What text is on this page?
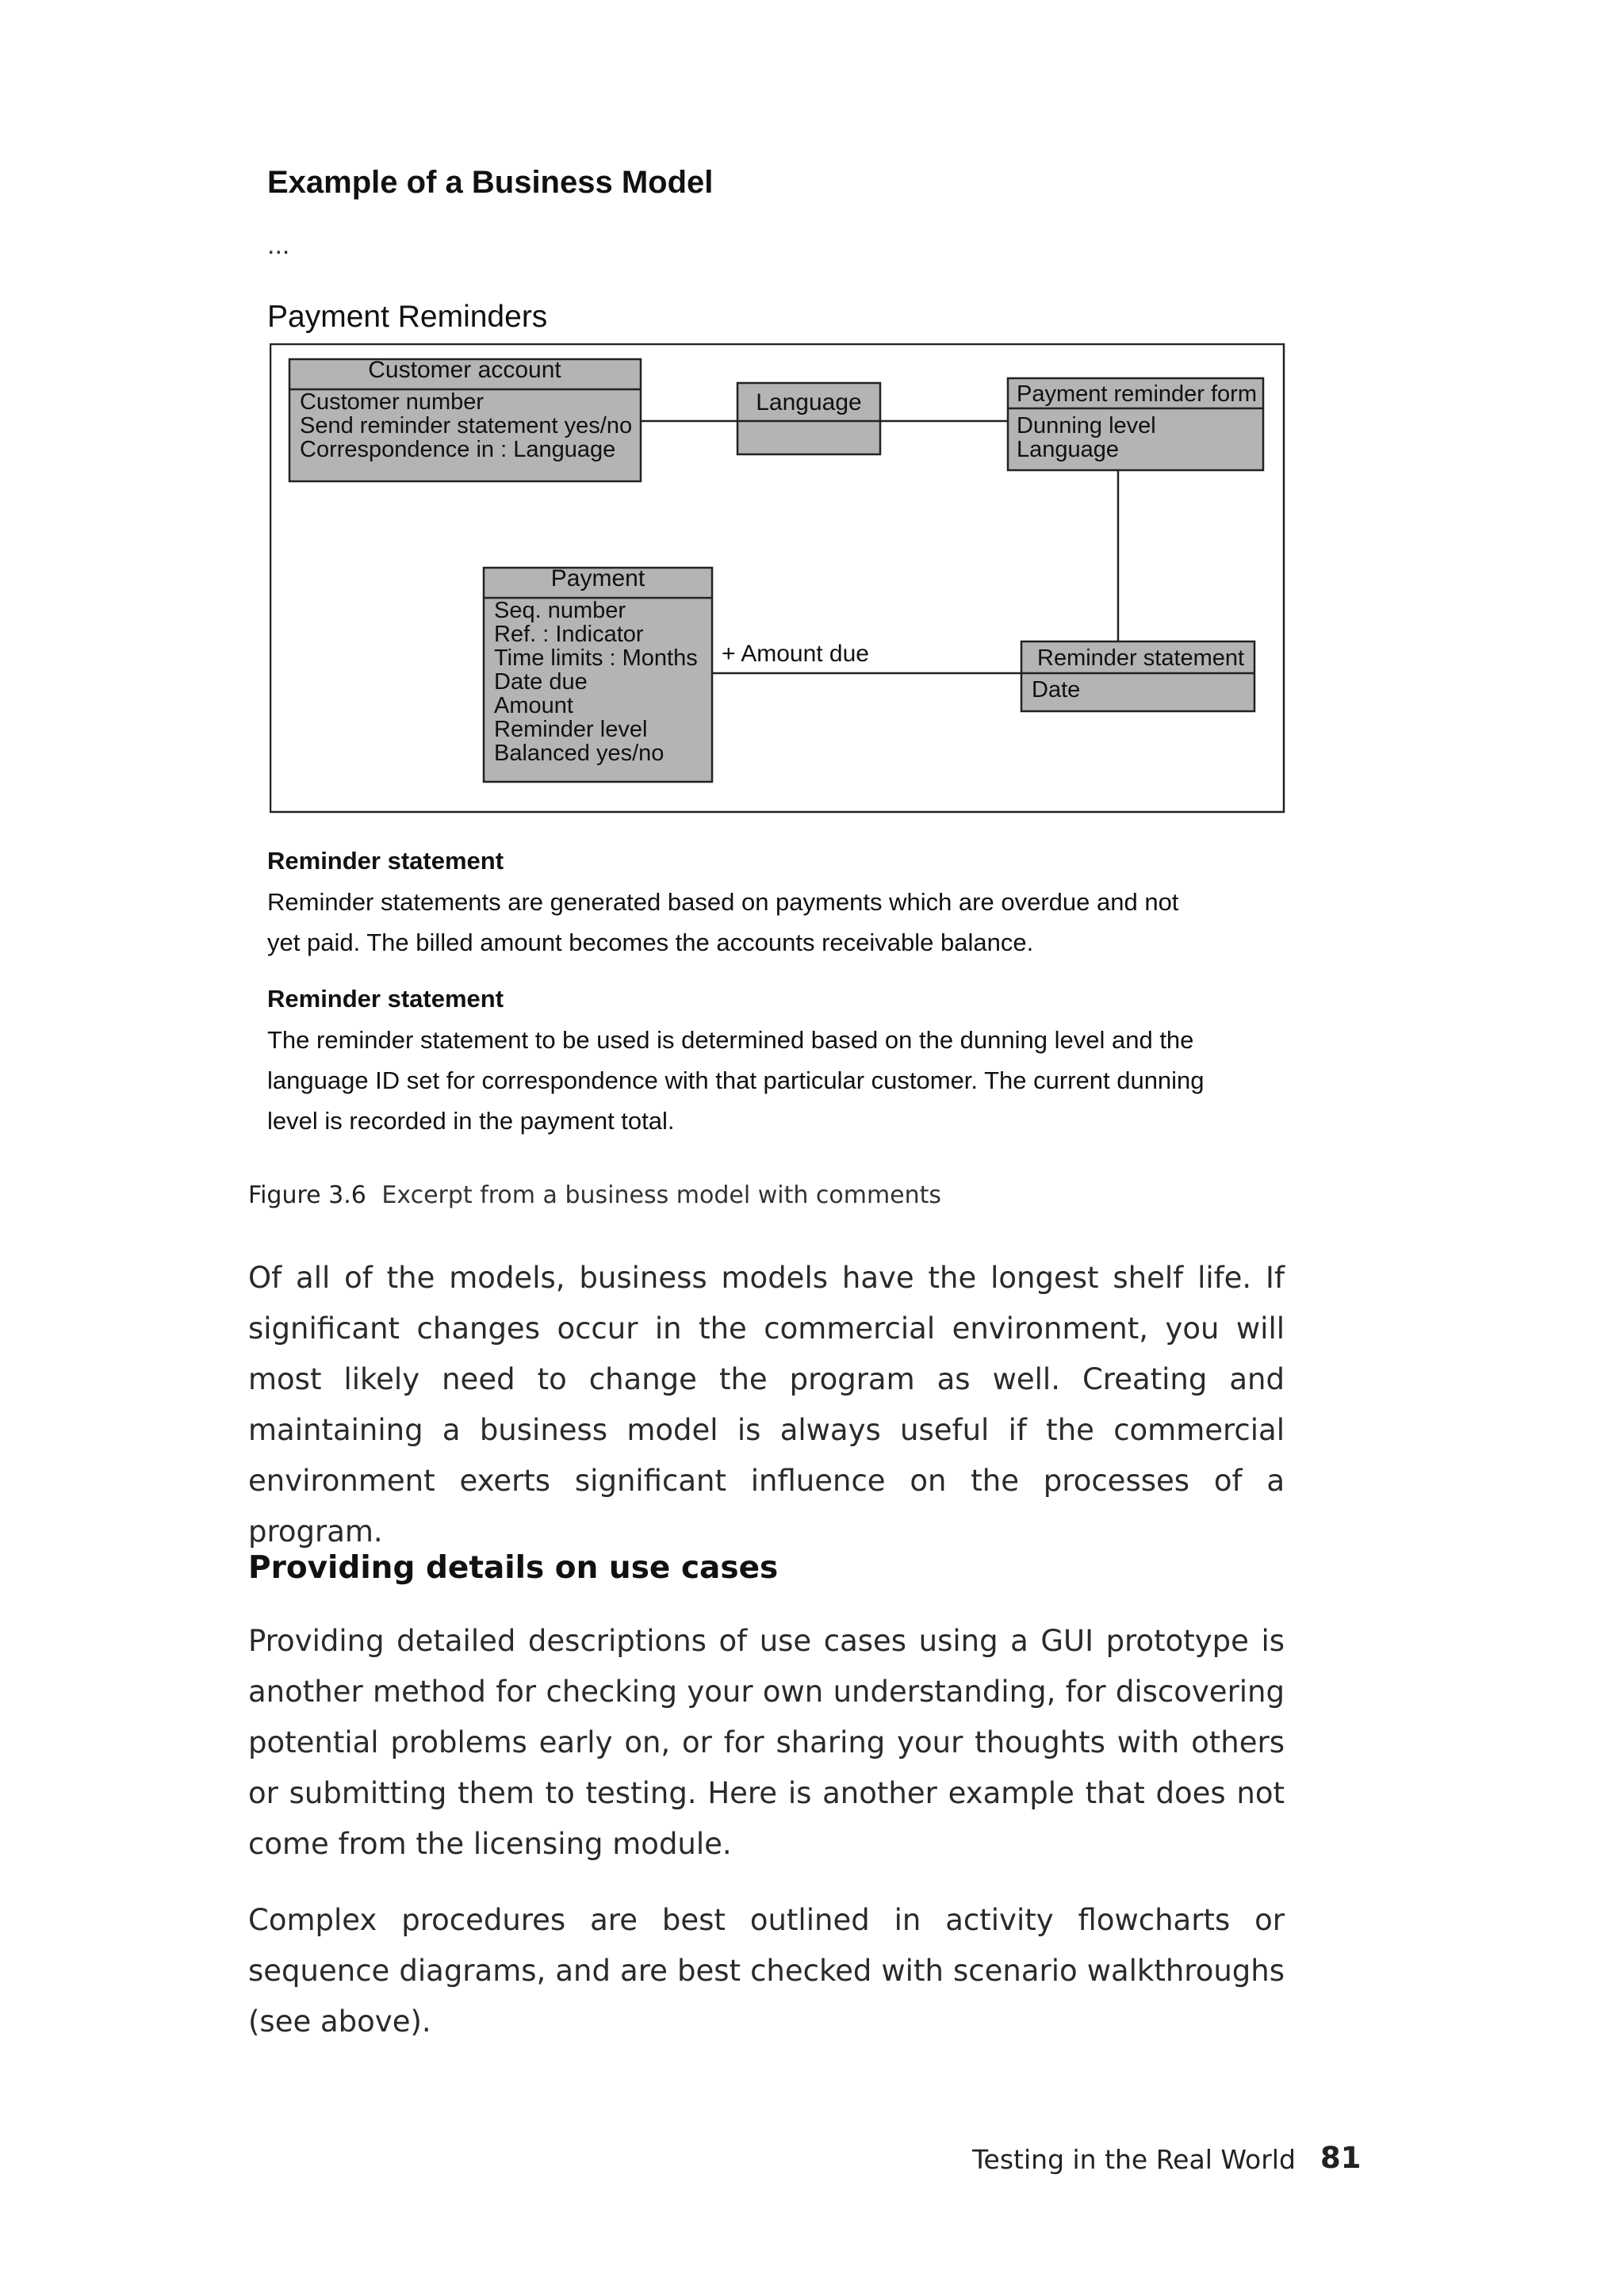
Example of a Business Model
...
Payment Reminders
+ Amount due
Customer account
Customer number
Send reminder statement yes/no
Correspondence in : Language
Language	Payment reminder form
Dunning level
Language
Payment
Seq. number
Ref. : Indicator
Time limits : Months
Date due
Amount
Reminder level
Balanced yes/no
Reminder statement
Date
Reminder statement
Reminder statements are generated based on payments which are overdue and not
yet paid. The billed amount becomes the accounts receivable balance.
Reminder statement
The reminder statement to be used is determined based on the dunning level and the
language ID set for correspondence with that particular customer. The current dunning
level is recorded in the payment total.
Figure 3.6 Excerpt from a business model with comments
Of all of the models, business models have the longest shelf life. If significant changes occur in the commercial environment, you will most likely need to change the program as well. Creating and maintaining a business model is always useful if the commercial environment exerts significant influence on the processes of a program.
Providing details on use cases
Providing detailed descriptions of use cases using a GUI prototype is another method for checking your own understanding, for discovering potential problems early on, or for sharing your thoughts with others or submitting them to testing. Here is another example that does not come from the licensing module.
Complex procedures are best outlined in activity flowcharts or sequence diagrams, and are best checked with scenario walkthroughs (see above).
Testing in the Real World 81
